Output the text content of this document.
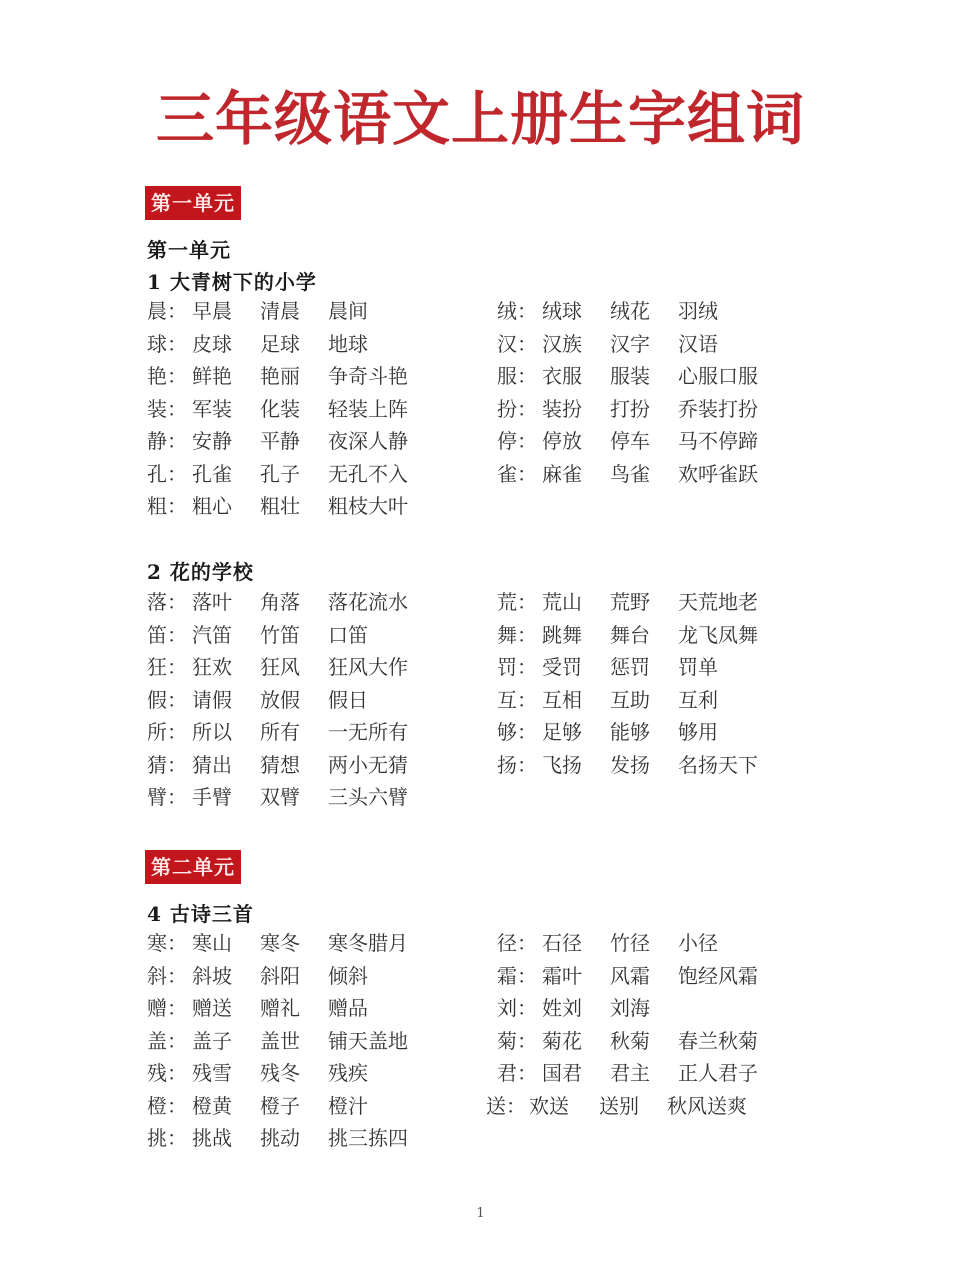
三年级语文上册生字组词
第一单元
第一单元
1 大青树下的小学
晨： 早晨 清晨 晨间
球： 皮球 足球 地球
艳： 鲜艳 艳丽 争奇斗艳
装： 军装 化装 轻装上阵
静： 安静 平静 夜深人静
孔： 孔雀 孔子 无孔不入
粗： 粗心 粗壮 粗枝大叶
绒： 绒球 绒花 羽绒
汉： 汉族 汉字 汉语
服： 衣服 服装 心服口服
扮： 装扮 打扮 乔装打扮
停： 停放 停车 马不停蹄
雀： 麻雀 鸟雀 欢呼雀跃
2 花的学校
落： 落叶 角落 落花流水
笛： 汽笛 竹笛 口笛
狂： 狂欢 狂风 狂风大作
假： 请假 放假 假日
所： 所以 所有 一无所有
猜： 猜出 猜想 两小无猜
臂： 手臂 双臂 三头六臂
荒： 荒山 荒野 天荒地老
舞： 跳舞 舞台 龙飞凤舞
罚： 受罚 惩罚 罚单
互： 互相 互助 互利
够： 足够 能够 够用
扬： 飞扬 发扬 名扬天下
第二单元
4 古诗三首
寒： 寒山 寒冬 寒冬腊月
斜： 斜坡 斜阳 倾斜
赠： 赠送 赠礼 赠品
盖： 盖子 盖世 铺天盖地
残： 残雪 残冬 残疾
橙： 橙黄 橙子 橙汁
挑： 挑战 挑动 挑三拣四
径： 石径 竹径 小径
霜： 霜叶 风霜 饱经风霜
刘： 姓刘 刘海
菊： 菊花 秋菊 春兰秋菊
君： 国君 君主 正人君子
送： 欢送 送别 秋风送爽
1
